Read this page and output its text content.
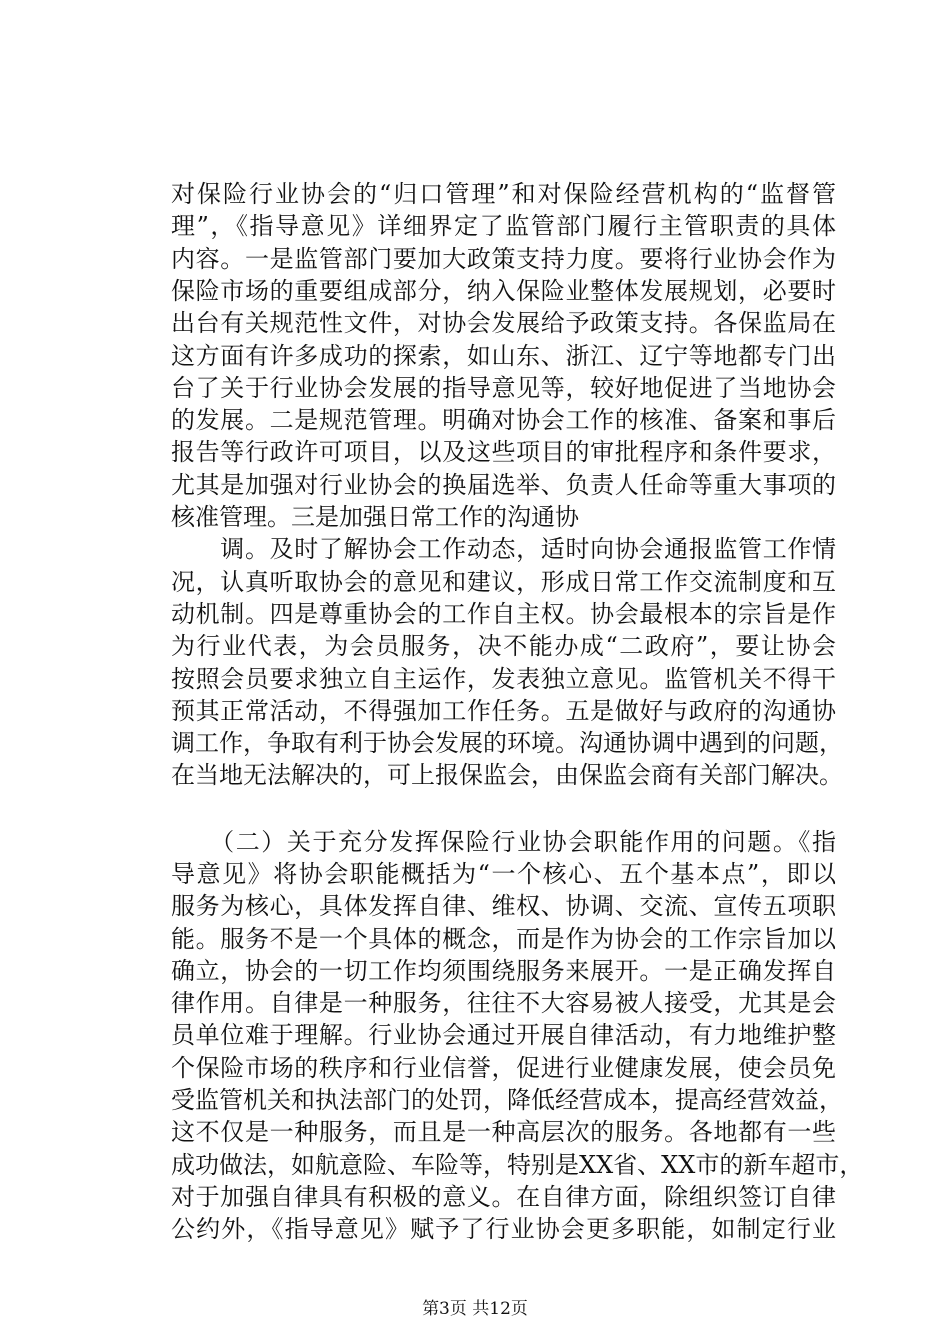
对保险行业协会的“归口管理”和对保险经营机构的“监督管
理”，《指导意见》详细界定了监管部门履行主管职责的具体
内容。一是监管部门要加大政策支持力度。要将行业协会作为
保险市场的重要组成部分，纳入保险业整体发展规划，必要时
出台有关规范性文件，对协会发展给予政策支持。各保监局在
这方面有许多成功的探索，如山东、浙江、辽宁等地都专门出
台了关于行业协会发展的指导意见等，较好地促进了当地协会
的发展。二是规范管理。明确对协会工作的核准、备案和事后
报告等行政许可项目，以及这些项目的审批程序和条件要求，
尤其是加强对行业协会的换届选举、负责人任命等重大事项的
核准管理。三是加强日常工作的沟通协
　　调。及时了解协会工作动态，适时向协会通报监管工作情
况，认真听取协会的意见和建议，形成日常工作交流制度和互
动机制。四是尊重协会的工作自主权。协会最根本的宗旨是作
为行业代表，为会员服务，决不能办成“二政府”，要让协会
按照会员要求独立自主运作，发表独立意见。监管机关不得干
预其正常活动，不得强加工作任务。五是做好与政府的沟通协
调工作，争取有利于协会发展的环境。沟通协调中遇到的问题，
在当地无法解决的，可上报保监会，由保监会商有关部门解决。
　　（二）关于充分发挥保险行业协会职能作用的问题。《指
导意见》将协会职能概括为“一个核心、五个基本点”，即以
服务为核心，具体发挥自律、维权、协调、交流、宣传五项职
能。服务不是一个具体的概念，而是作为协会的工作宗旨加以
确立，协会的一切工作均须围绕服务来展开。一是正确发挥自
律作用。自律是一种服务，往往不大容易被人接受，尤其是会
员单位难于理解。行业协会通过开展自律活动，有力地维护整
个保险市场的秩序和行业信誉，促进行业健康发展，使会员免
受监管机关和执法部门的处罚，降低经营成本，提高经营效益，
这不仅是一种服务，而且是一种高层次的服务。各地都有一些
成功做法，如航意险、车险等，特别是XX省、XX市的新车超市，
对于加强自律具有积极的意义。在自律方面，除组织签订自律
公约外，《指导意见》赋予了行业协会更多职能，如制定行业
第3页 共12页
